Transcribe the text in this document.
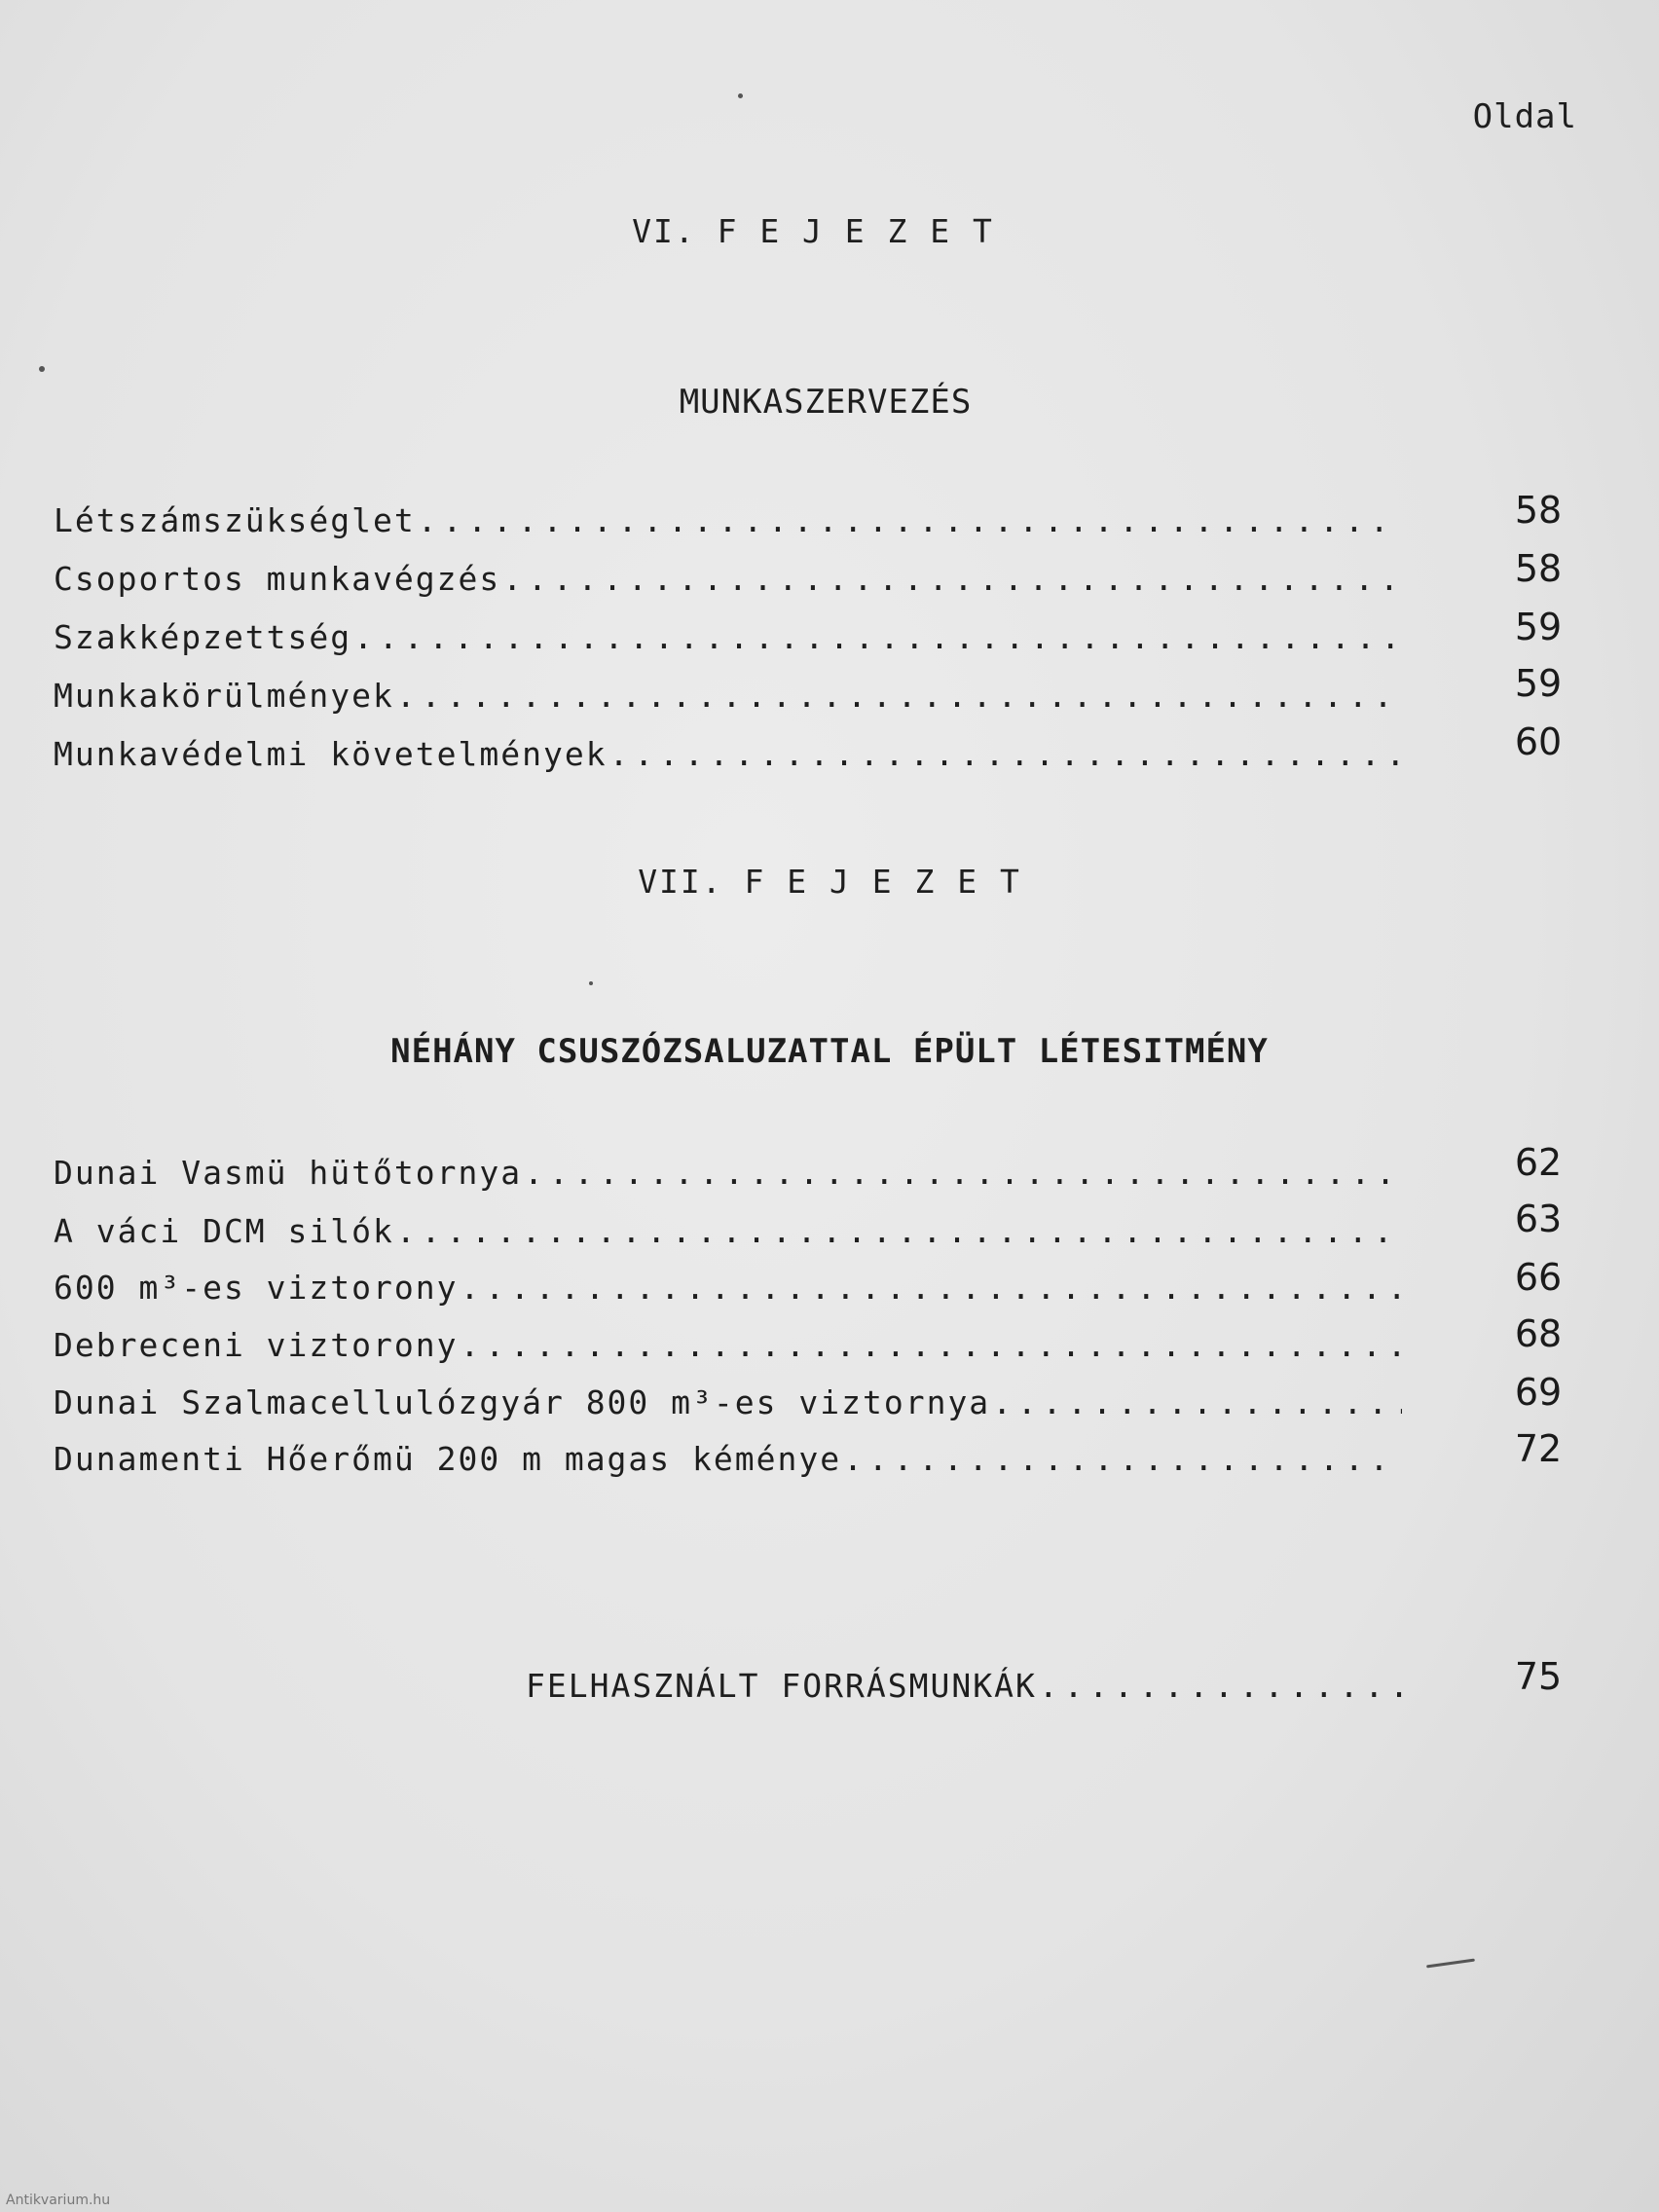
Oldal
VI. F E J E Z E T
MUNKASZERVEZÉS
Létszámszükséglet . . .	58
Csoportos munkavégzés . . .	58
Szakképzettség . . .	59
Munkakörülmények . . .	59
Munkavédelmi követelmények . . .	60
VII. F E J E Z E T
NÉHÁNY CSUSZÓZSALUZATTAL ÉPÜLT LÉTESITMÉNY
Dunai Vasmü hütőtornya . . .	62
A váci DCM silók . . .	63
600 m³-es viztorony . . .	66
Debreceni viztorony . . .	68
Dunai Szalmacellulózgyár 800 m³-es viztornya . . .	69
Dunamenti Hőerőmü 200 m magas kéménye . . .	72
FELHASZNÁLT FORRÁSMUNKÁK . . .	75
Antikvarium.hu
